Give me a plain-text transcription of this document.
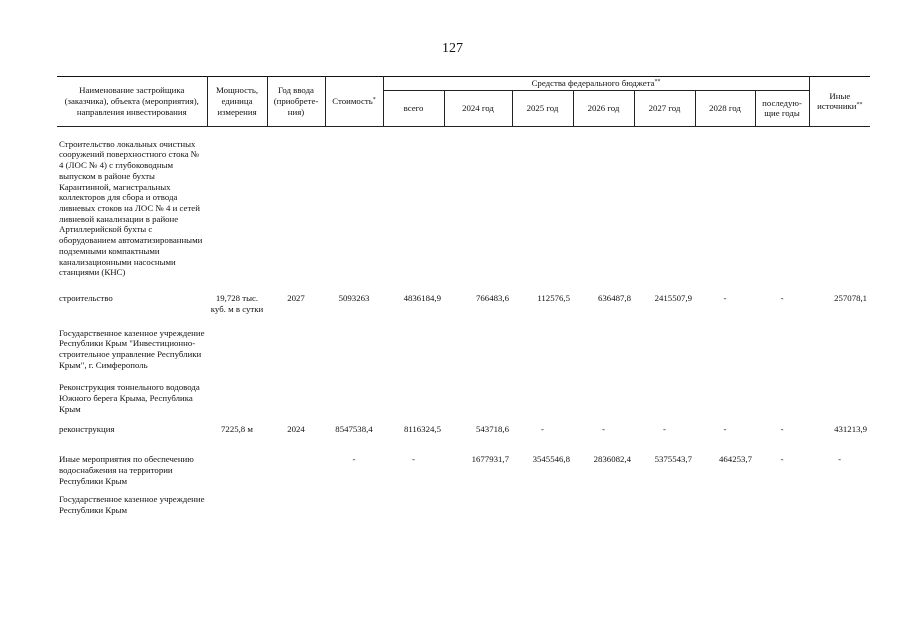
127
Наименование застройщика (заказчика), объекта (мероприятия), направления инвестирования	Мощность, единица измерения	Год ввода (приобрете-ния)	Стоимость*	Средства федерального бюджета**							Иные источники**
				всего	2024 год	2025 год	2026 год	2027 год	2028 год	последую-щие годы	
Строительство локальных очистных сооружений поверхностного стока № 4 (ЛОС № 4) с глубоководным выпуском в районе бухты Карантинной, магистральных коллекторов для сбора и отвода ливневых стоков на ЛОС № 4 и сетей ливневой канализации в районе Артиллерийской бухты с оборудованием автоматизированными подземными компактными канализационными насосными станциями (КНС)											
строительство	19,728 тыс. куб. м в сутки	2027	5093263	4836184,9	766483,6	112576,5	636487,8	2415507,9	-	-	257078,1
Государственное казенное учреждение Республики Крым "Инвестиционно-строительное управление Республики Крым", г. Симферополь											
Реконструкция тоннельного водовода Южного берега Крыма, Республика Крым											
реконструкция	7225,8 м	2024	8547538,4	8116324,5	543718,6	-	-	-	-	-	431213,9
Иные мероприятия по обеспечению водоснабжения на территории Республики Крым			-	-	1677931,7	3545546,8	2836082,4	5375543,7	464253,7	-	-
Государственное казенное учреждение Республики Крым											
